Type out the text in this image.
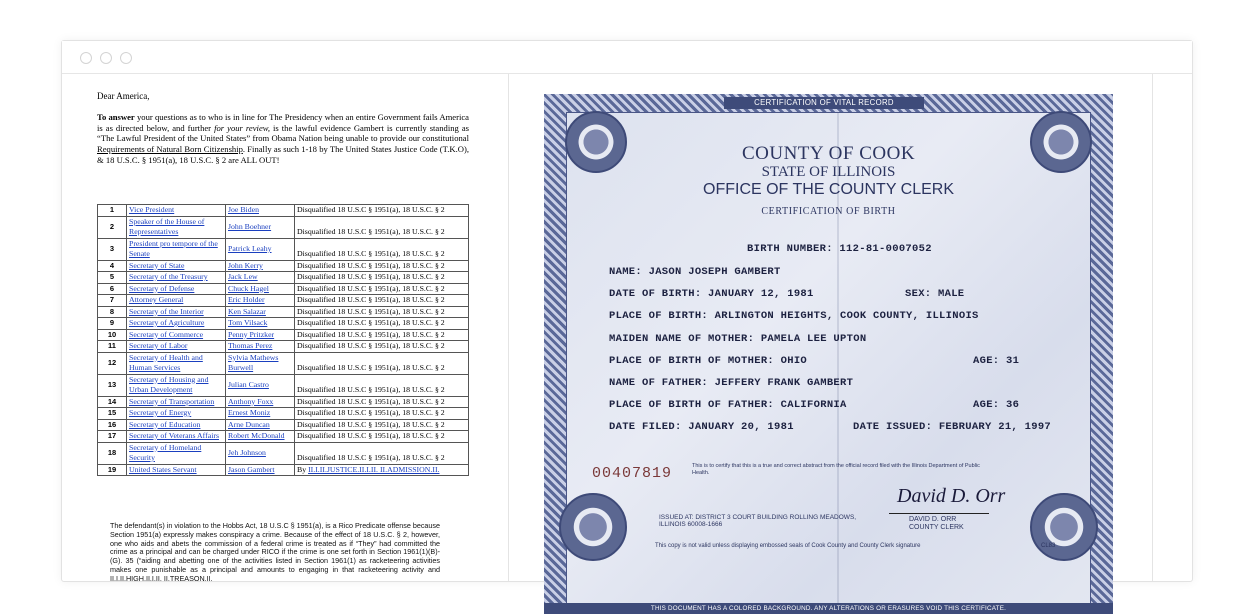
Dear America,
To answer your questions as to who is in line for The Presidency when an entire Government fails America is as directed below, and further for your review, is the lawful evidence Gambert is currently standing as “The Lawful President of the United States” from Obama Nation being unable to provide our constitutional Requirements of Natural Born Citizenship. Finally as such 1-18 by The United States Justice Code (T.K.O), & 18 U.S.C. § 1951(a), 18 U.S.C. § 2 are ALL OUT!
1	Vice President	Joe Biden	Disqualified 18 U.S.C § 1951(a), 18 U.S.C. § 2
2	Speaker of the House of Representatives	John Boehner	Disqualified 18 U.S.C § 1951(a), 18 U.S.C. § 2
3	President pro tempore of the Senate	Patrick Leahy	Disqualified 18 U.S.C § 1951(a), 18 U.S.C. § 2
4	Secretary of State	John Kerry	Disqualified 18 U.S.C § 1951(a), 18 U.S.C. § 2
5	Secretary of the Treasury	Jack Lew	Disqualified 18 U.S.C § 1951(a), 18 U.S.C. § 2
6	Secretary of Defense	Chuck Hagel	Disqualified 18 U.S.C § 1951(a), 18 U.S.C. § 2
7	Attorney General	Eric Holder	Disqualified 18 U.S.C § 1951(a), 18 U.S.C. § 2
8	Secretary of the Interior	Ken Salazar	Disqualified 18 U.S.C § 1951(a), 18 U.S.C. § 2
9	Secretary of Agriculture	Tom Vilsack	Disqualified 18 U.S.C § 1951(a), 18 U.S.C. § 2
10	Secretary of Commerce	Penny Pritzker	Disqualified 18 U.S.C § 1951(a), 18 U.S.C. § 2
11	Secretary of Labor	Thomas Perez	Disqualified 18 U.S.C § 1951(a), 18 U.S.C. § 2
12	Secretary of Health and Human Services	Sylvia Mathews Burwell	Disqualified 18 U.S.C § 1951(a), 18 U.S.C. § 2
13	Secretary of Housing and Urban Development	Julian Castro	Disqualified 18 U.S.C § 1951(a), 18 U.S.C. § 2
14	Secretary of Transportation	Anthony Foxx	Disqualified 18 U.S.C § 1951(a), 18 U.S.C. § 2
15	Secretary of Energy	Ernest Moniz	Disqualified 18 U.S.C § 1951(a), 18 U.S.C. § 2
16	Secretary of Education	Arne Duncan	Disqualified 18 U.S.C § 1951(a), 18 U.S.C. § 2
17	Secretary of Veterans Affairs	Robert McDonald	Disqualified 18 U.S.C § 1951(a), 18 U.S.C. § 2
18	Secretary of Homeland Security	Jeh Johnson	Disqualified 18 U.S.C § 1951(a), 18 U.S.C. § 2
19	United States Servant	Jason Gambert	By II.I.II.JUSTICE.II.I.II. II.ADMISSION.II.
The defendant(s) in violation to the Hobbs Act, 18 U.S.C § 1951(a), is a Rico Predicate offense because Section 1951(a) expressly makes conspiracy a crime. Because of the effect of 18 U.S.C. § 2, however, one who aids and abets the commission of a federal crime is treated as if “They” had committed the crime as a principal and can be charged under RICO if the crime is one set forth in Section 1961(1)(B)-(G). 35 (“aiding and abetting one of the activities listed in Section 1961(1) as racketeering activities makes one punishable as a principal and amounts to engaging in that racketeering activity and II.I.II.HIGH.II.I.II. II.TREASON.II.
CERTIFICATION OF VITAL RECORD
COUNTY OF COOK
STATE OF ILLINOIS
OFFICE OF THE COUNTY CLERK
CERTIFICATION OF BIRTH
BIRTH NUMBER: 112-81-0007052
NAME: JASON JOSEPH GAMBERT
DATE OF BIRTH: JANUARY 12, 1981	SEX: MALE
PLACE OF BIRTH: ARLINGTON HEIGHTS, COOK COUNTY, ILLINOIS
MAIDEN NAME OF MOTHER: PAMELA LEE UPTON
PLACE OF BIRTH OF MOTHER: OHIO	AGE: 31
NAME OF FATHER: JEFFERY FRANK GAMBERT
PLACE OF BIRTH OF FATHER: CALIFORNIA	AGE: 36
DATE FILED: JANUARY 20, 1981	DATE ISSUED: FEBRUARY 21, 1997
00407819	This is to certify that this is a true and correct abstract from the official record filed with the Illinois Department of Public Health.
ISSUED AT: DISTRICT 3 COURT BUILDING ROLLING MEADOWS, ILLINOIS 60008-1666
David D. Orr
DAVID D. ORR
COUNTY CLERK
This copy is not valid unless displaying embossed seals of Cook County and County Clerk signature	CL83
THIS DOCUMENT HAS A COLORED BACKGROUND. ANY ALTERATIONS OR ERASURES VOID THIS CERTIFICATE.
